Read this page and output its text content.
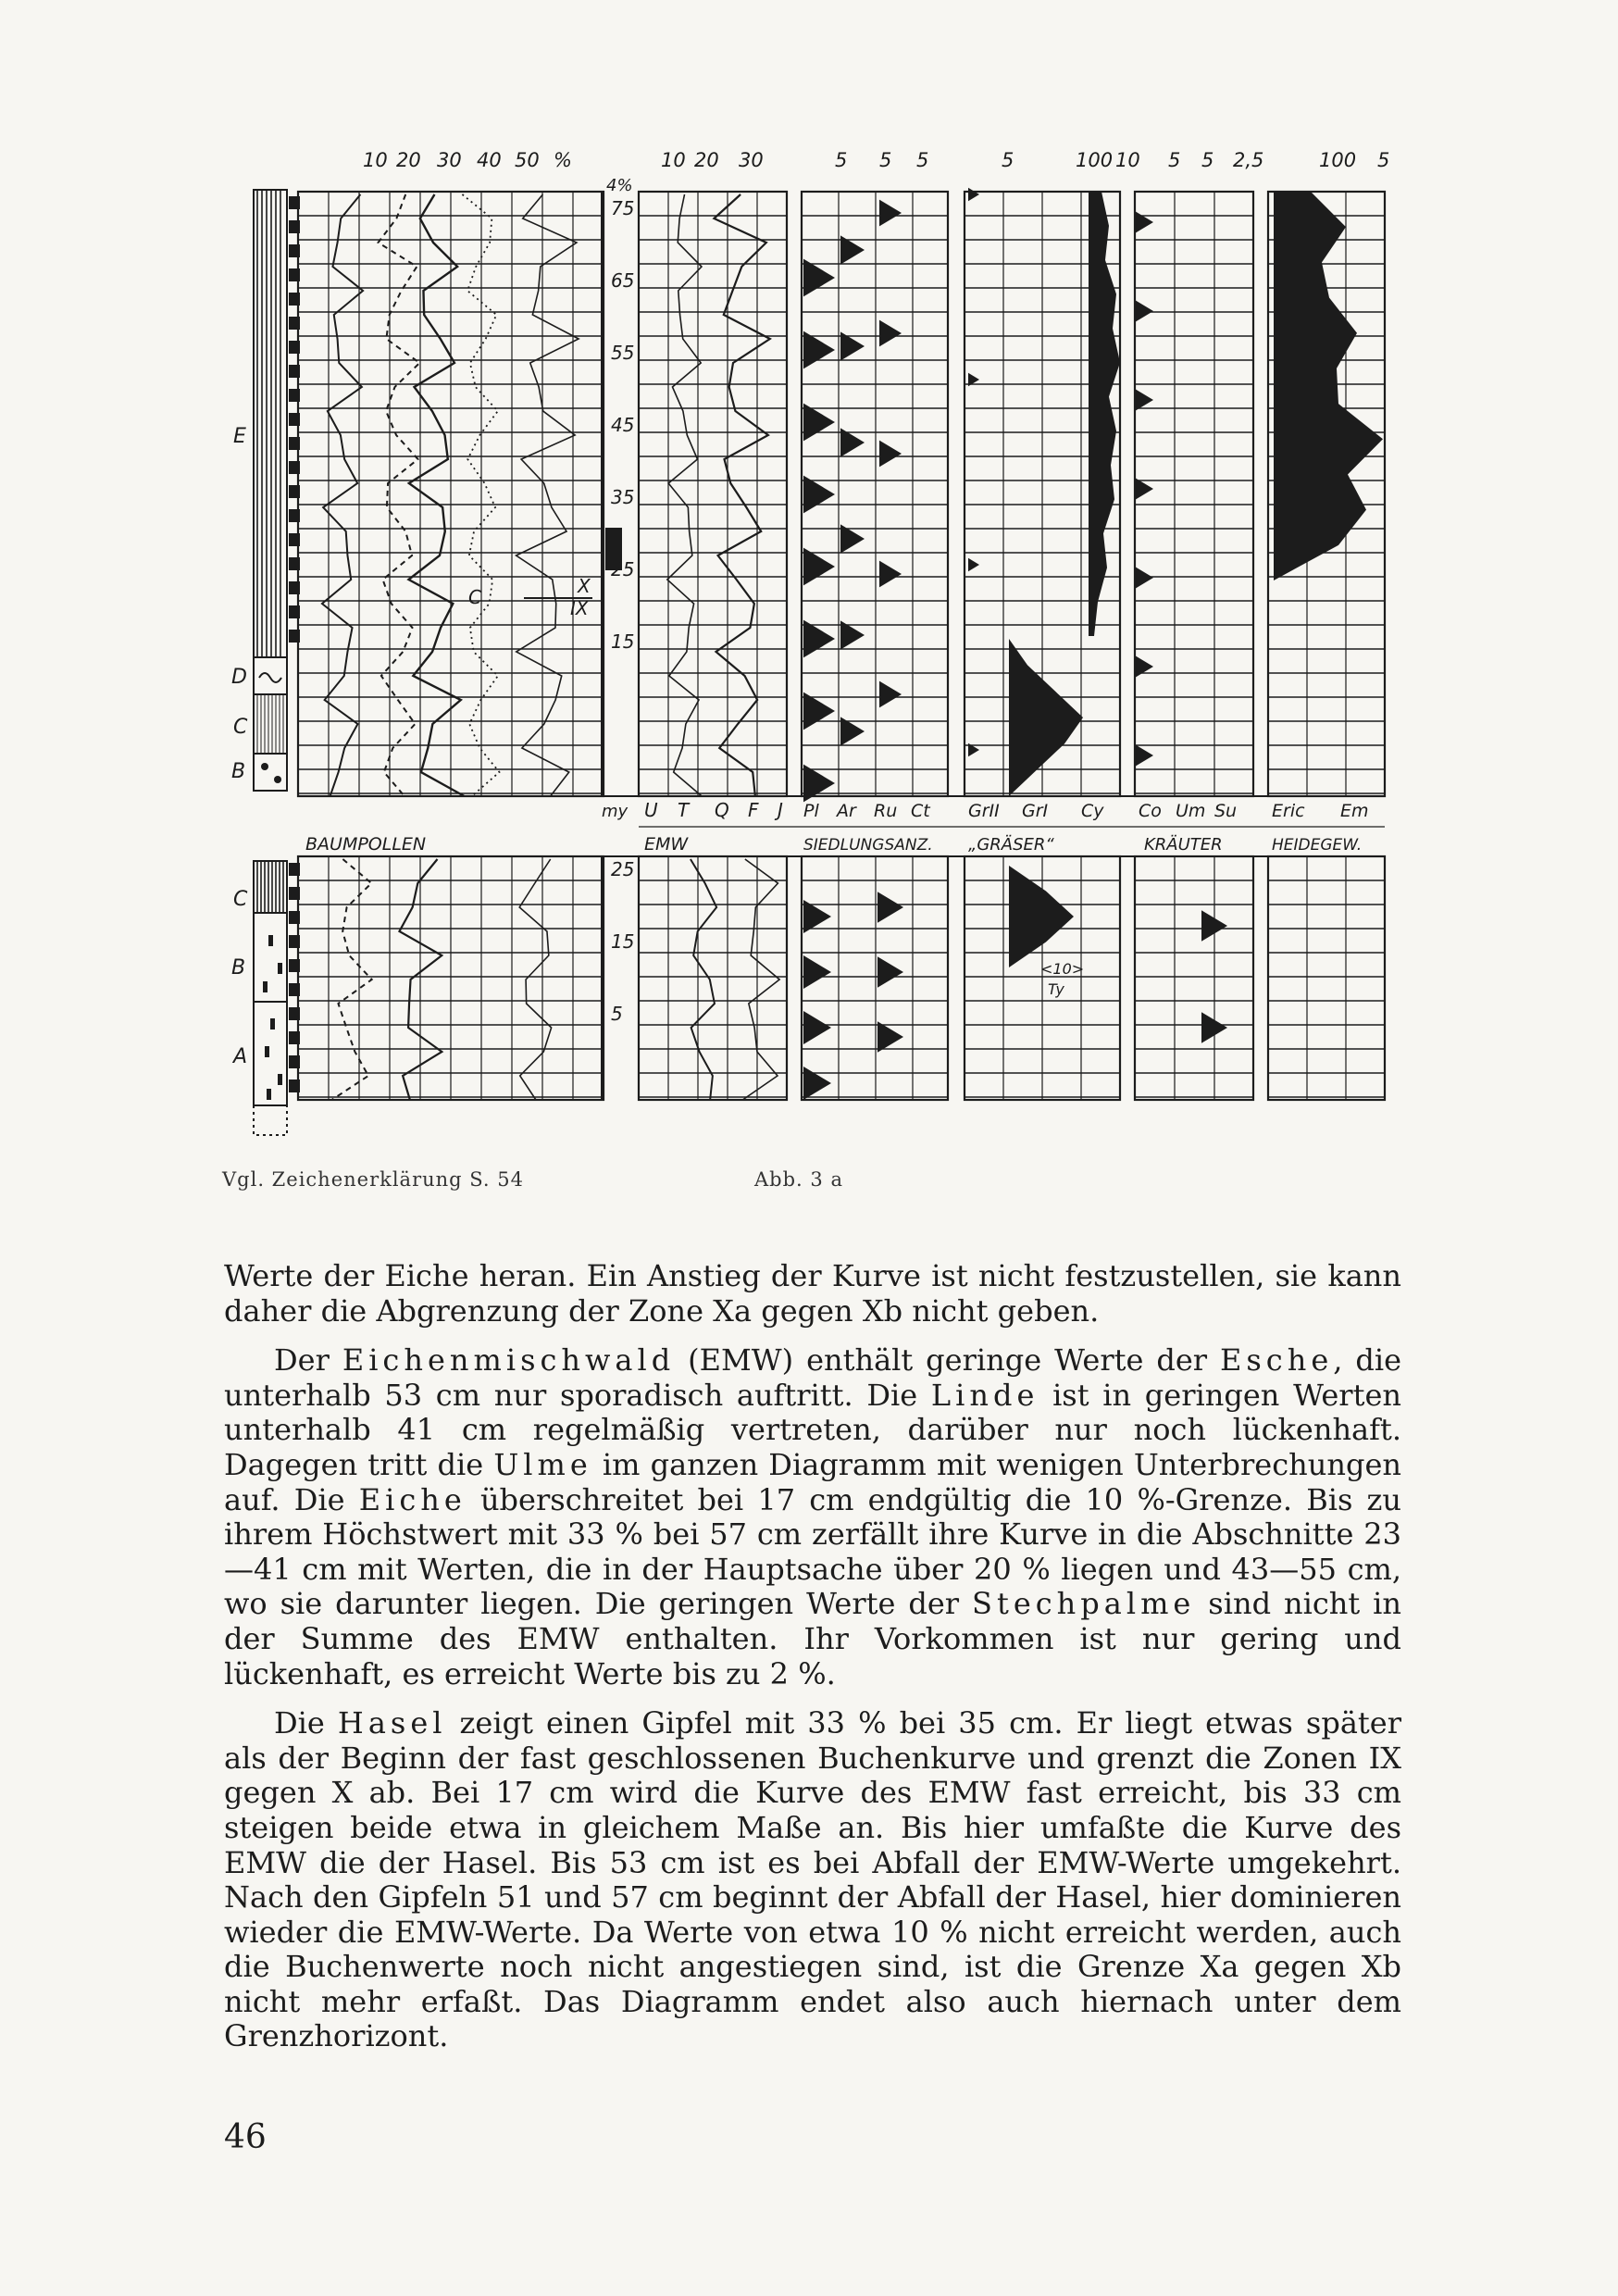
10 20 30 40 50 %	10 20 30	5 5 5	5	100 10 5 5 2,5	100 5
4%
75
65
55
45
35
25
15
my
25
15
5
BAUMPOLLEN
U T Q F J
EMW
Pl Ar Ru Ct
SIEDLUNGSANZ.
GrII GrI Cy
„GRÄSER“
Co Um Su
KRÄUTER
Eric Em
HEIDEGEW.
E
D
C
B
C
B
A
C	X
IX
<10>
Ty
Vgl. Zeichenerklärung S. 54	Abb. 3 a

Werte der Eiche heran. Ein Anstieg der Kurve ist nicht festzustellen, sie kann daher die Abgrenzung der Zone Xa gegen Xb nicht geben.

Der Eichenmischwald (EMW) enthält geringe Werte der Esche, die unterhalb 53 cm nur sporadisch auftritt. Die Linde ist in geringen Werten unterhalb 41 cm regelmäßig vertreten, darüber nur noch lückenhaft. Dagegen tritt die Ulme im ganzen Diagramm mit wenigen Unterbrechungen auf. Die Eiche überschreitet bei 17 cm endgültig die 10 %-Grenze. Bis zu ihrem Höchstwert mit 33 % bei 57 cm zerfällt ihre Kurve in die Abschnitte 23—41 cm mit Werten, die in der Hauptsache über 20 % liegen und 43—55 cm, wo sie darunter liegen. Die geringen Werte der Stechpalme sind nicht in der Summe des EMW enthalten. Ihr Vorkommen ist nur gering und lückenhaft, es erreicht Werte bis zu 2 %.

Die Hasel zeigt einen Gipfel mit 33 % bei 35 cm. Er liegt etwas später als der Beginn der fast geschlossenen Buchenkurve und grenzt die Zonen IX gegen X ab. Bei 17 cm wird die Kurve des EMW fast erreicht, bis 33 cm steigen beide etwa in gleichem Maße an. Bis hier umfaßte die Kurve des EMW die der Hasel. Bis 53 cm ist es bei Abfall der EMW-Werte umgekehrt. Nach den Gipfeln 51 und 57 cm beginnt der Abfall der Hasel, hier dominieren wieder die EMW-Werte. Da Werte von etwa 10 % nicht erreicht werden, auch die Buchenwerte noch nicht angestiegen sind, ist die Grenze Xa gegen Xb nicht mehr erfaßt. Das Diagramm endet also auch hiernach unter dem Grenzhorizont.

46
